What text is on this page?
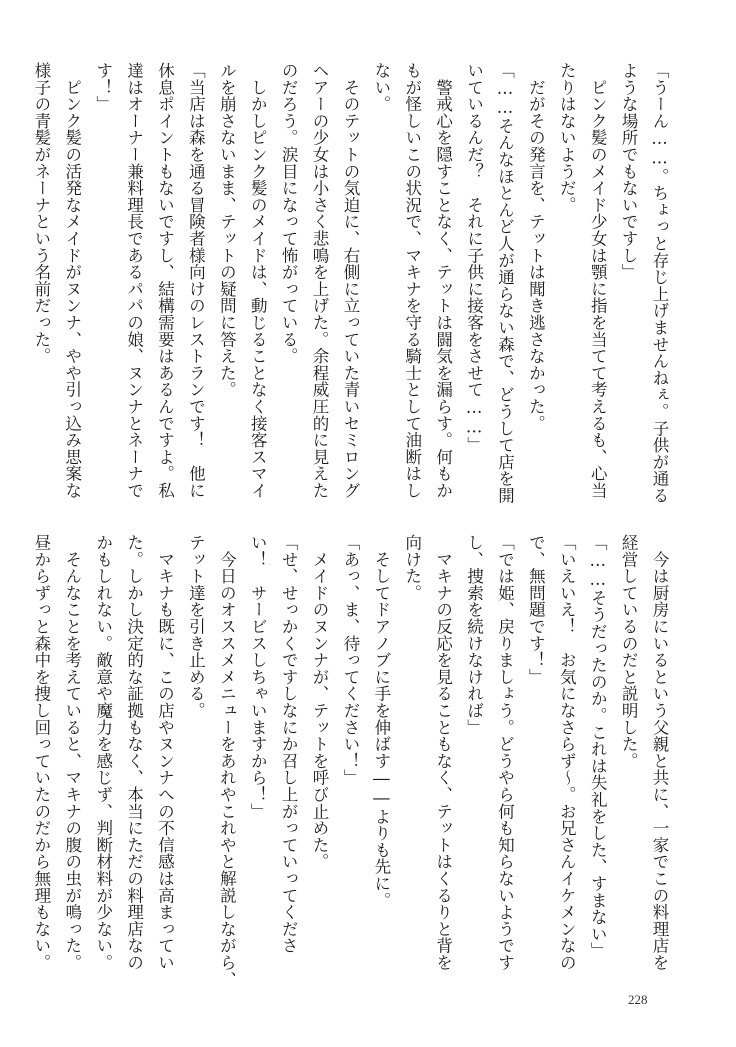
「うーん……。ちょっと存じ上げませんねぇ。子供が通る

ような場所でもないですし」

　ピンク髪のメイド少女は顎に指を当てて考えるも、心当

たりはないようだ。

　だがその発言を、テットは聞き逃さなかった。

「……そんなほとんど人が通らない森で、どうして店を開

いているんだ？　それに子供に接客をさせて……」

　警戒心を隠すことなく、テットは闘気を漏らす。何もか

もが怪しいこの状況で、マキナを守る騎士として油断はし

ない。

　そのテットの気迫に、右側に立っていた青いセミロング

ヘアーの少女は小さく悲鳴を上げた。余程威圧的に見えた

のだろう。涙目になって怖がっている。

　しかしピンク髪のメイドは、動じることなく接客スマイ

ルを崩さないまま、テットの疑問に答えた。

「当店は森を通る冒険者様向けのレストランです！　他に

休息ポイントもないですし、結構需要はあるんですよ。私

達はオーナー兼料理長であるパパの娘、ヌンナとネーナで

す！」

　ピンク髪の活発なメイドがヌンナ、やや引っ込み思案な

様子の青髪がネーナという名前だった。

　今は厨房にいるという父親と共に、一家でこの料理店を

経営しているのだと説明した。

「……そうだったのか。これは失礼をした、すまない」

「いえいえ！　お気になさらず～。お兄さんイケメンなの

で、無問題です！」

「では姫、戻りましょう。どうやら何も知らないようです

し、捜索を続けなければ」

　マキナの反応を見ることもなく、テットはくるりと背を

向けた。

　そしてドアノブに手を伸ばす――よりも先に。

「あっ、ま、待ってください！」

　メイドのヌンナが、テットを呼び止めた。

「せ、せっかくですしなにか召し上がっていってくださ

い！　サービスしちゃいますから！」

　今日のオススメメニューをあれやこれやと解説しながら、

テット達を引き止める。

　マキナも既に、この店やヌンナへの不信感は高まってい

た。しかし決定的な証拠もなく、本当にただの料理店なの

かもしれない。敵意や魔力を感じず、判断材料が少ない。

　そんなことを考えていると、マキナの腹の虫が鳴った。

昼からずっと森中を捜し回っていたのだから無理もない。

228
